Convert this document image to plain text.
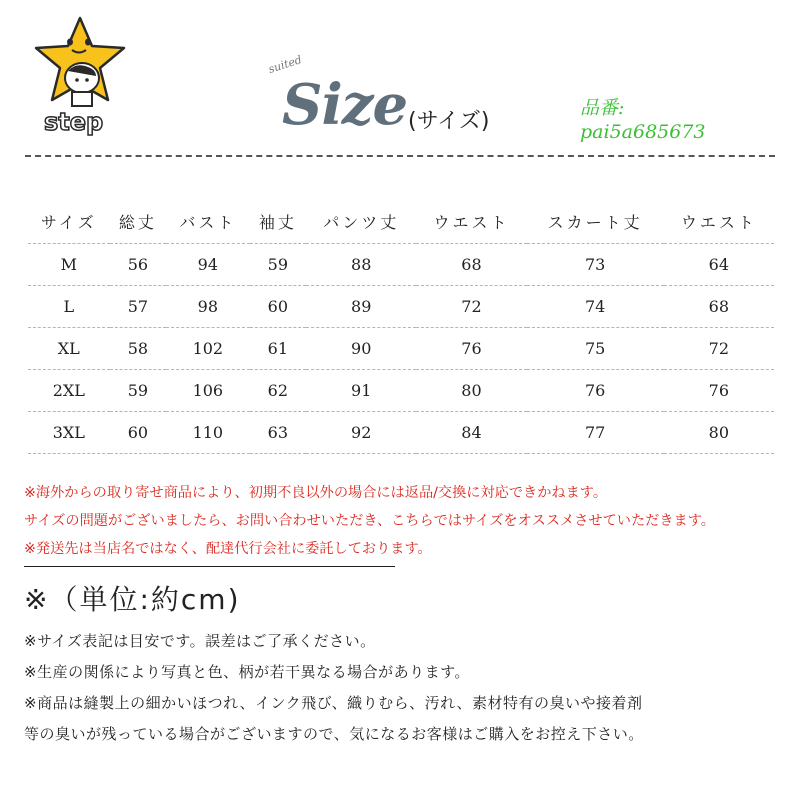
step
suited
Size (サイズ)
品番:
pai5a685673
サイズ	総丈	バスト	袖丈	パンツ丈	ウエスト	スカート丈	ウエスト
M	56	94	59	88	68	73	64
L	57	98	60	89	72	74	68
XL	58	102	61	90	76	75	72
2XL	59	106	62	91	80	76	76
3XL	60	110	63	92	84	77	80
※海外からの取り寄せ商品により、初期不良以外の場合には返品/交換に対応できかねます。
サイズの問題がございましたら、お問い合わせいただき、こちらではサイズをオススメさせていただきます。
※発送先は当店名ではなく、配達代行会社に委託しております。
※（単位:約cm)
※サイズ表記は目安です。誤差はご了承ください。
※生産の関係により写真と色、柄が若干異なる場合があります。
※商品は縫製上の細かいほつれ、インク飛び、織りむら、汚れ、素材特有の臭いや接着剤
等の臭いが残っている場合がございますので、気になるお客様はご購入をお控え下さい。
